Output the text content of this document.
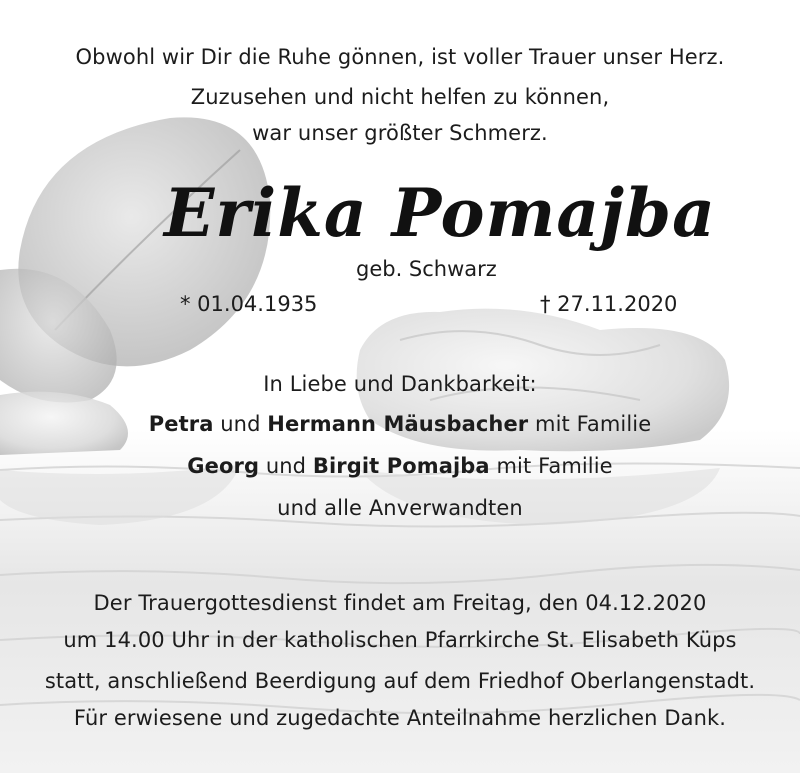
Obwohl wir Dir die Ruhe gönnen, ist voller Trauer unser Herz.
Zuzusehen und nicht helfen zu können,
war unser größter Schmerz.
Erika Pomajba
geb. Schwarz
* 01.04.1935	† 27.11.2020
In Liebe und Dankbarkeit:
Petra und Hermann Mäusbacher mit Familie
Georg und Birgit Pomajba mit Familie
und alle Anverwandten
Der Trauergottesdienst findet am Freitag, den 04.12.2020
um 14.00 Uhr in der katholischen Pfarrkirche St. Elisabeth Küps
statt, anschließend Beerdigung auf dem Friedhof Oberlangenstadt.
Für erwiesene und zugedachte Anteilnahme herzlichen Dank.
